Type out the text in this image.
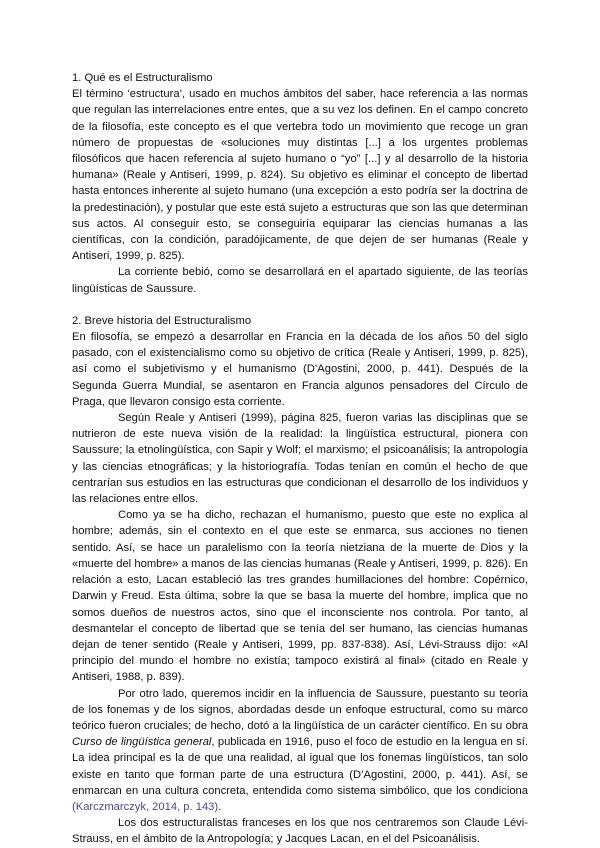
1. Qué es el Estructuralismo

El término ‘estructura’, usado en muchos ámbitos del saber, hace referencia a las normas que regulan las interrelaciones entre entes, que a su vez los definen. En el campo concreto de la filosofía, este concepto es el que vertebra todo un movimiento que recoge un gran número de propuestas de «soluciones muy distintas [...] a los urgentes problemas filosóficos que hacen referencia al sujeto humano o “yo” [...] y al desarrollo de la historia humana» (Reale y Antiseri, 1999, p. 824). Su objetivo es eliminar el concepto de libertad hasta entonces inherente al sujeto humano (una excepción a esto podría ser la doctrina de la predestinación), y postular que este está sujeto a estructuras que son las que determinan sus actos. Al conseguir esto, se conseguiría equiparar las ciencias humanas a las científicas, con la condición, paradójicamente, de que dejen de ser humanas (Reale y Antiseri, 1999, p. 825).

La corriente bebió, como se desarrollará en el apartado siguiente, de las teorías lingüísticas de Saussure.

2. Breve historia del Estructuralismo

En filosofía, se empezó a desarrollar en Francia en la década de los años 50 del siglo pasado, con el existencialismo como su objetivo de crítica (Reale y Antiseri, 1999, p. 825), así como el subjetivismo y el humanismo (D’Agostini, 2000, p. 441). Después de la Segunda Guerra Mundial, se asentaron en Francia algunos pensadores del Círculo de Praga, que llevaron consigo esta corriente.

Según Reale y Antiseri (1999), página 825, fueron varias las disciplinas que se nutrieron de este nueva visión de la realidad: la lingüística estructural, pionera con Saussure; la etnolingüística, con Sapir y Wolf; el marxismo; el psicoanálisis; la antropología y las ciencias etnográficas; y la historiografía. Todas tenían en común el hecho de que centrarían sus estudios en las estructuras que condicionan el desarrollo de los individuos y las relaciones entre ellos.

Como ya se ha dicho, rechazan el humanismo, puesto que este no explica al hombre; además, sin el contexto en el que este se enmarca, sus acciones no tienen sentido. Así, se hace un paralelismo con la teoría nietziana de la muerte de Dios y la «muerte del hombre» a manos de las ciencias humanas (Reale y Antiseri, 1999, p. 826). En relación a esto, Lacan estableció las tres grandes humillaciones del hombre: Copérnico, Darwin y Freud. Esta última, sobre la que se basa la muerte del hombre, implica que no somos dueños de nuestros actos, sino que el inconsciente nos controla. Por tanto, al desmantelar el concepto de libertad que se tenía del ser humano, las ciencias humanas dejan de tener sentido (Reale y Antiseri, 1999, pp. 837-838). Así, Lévi-Strauss dijo: «Al principio del mundo el hombre no existía; tampoco existirá al final» (citado en Reale y Antiseri, 1988, p. 839).

Por otro lado, queremos incidir en la influencia de Saussure, puestanto su teoría de los fonemas y de los signos, abordadas desde un enfoque estructural, como su marco teórico fueron cruciales; de hecho, dotó a la lingüística de un carácter científico. En su obra Curso de lingüística general, publicada en 1916, puso el foco de estudio en la lengua en sí. La idea principal es la de que una realidad, al igual que los fonemas lingüísticos, tan solo existe en tanto que forman parte de una estructura (D’Agostini, 2000, p. 441). Así, se enmarcan en una cultura concreta, entendida como sistema simbólico, que los condiciona (Karczmarczyk, 2014, p. 143).

Los dos estructuralistas franceses en los que nos centraremos son Claude Lévi-Strauss, en el ámbito de la Antropología; y Jacques Lacan, en el del Psicoanálisis.
